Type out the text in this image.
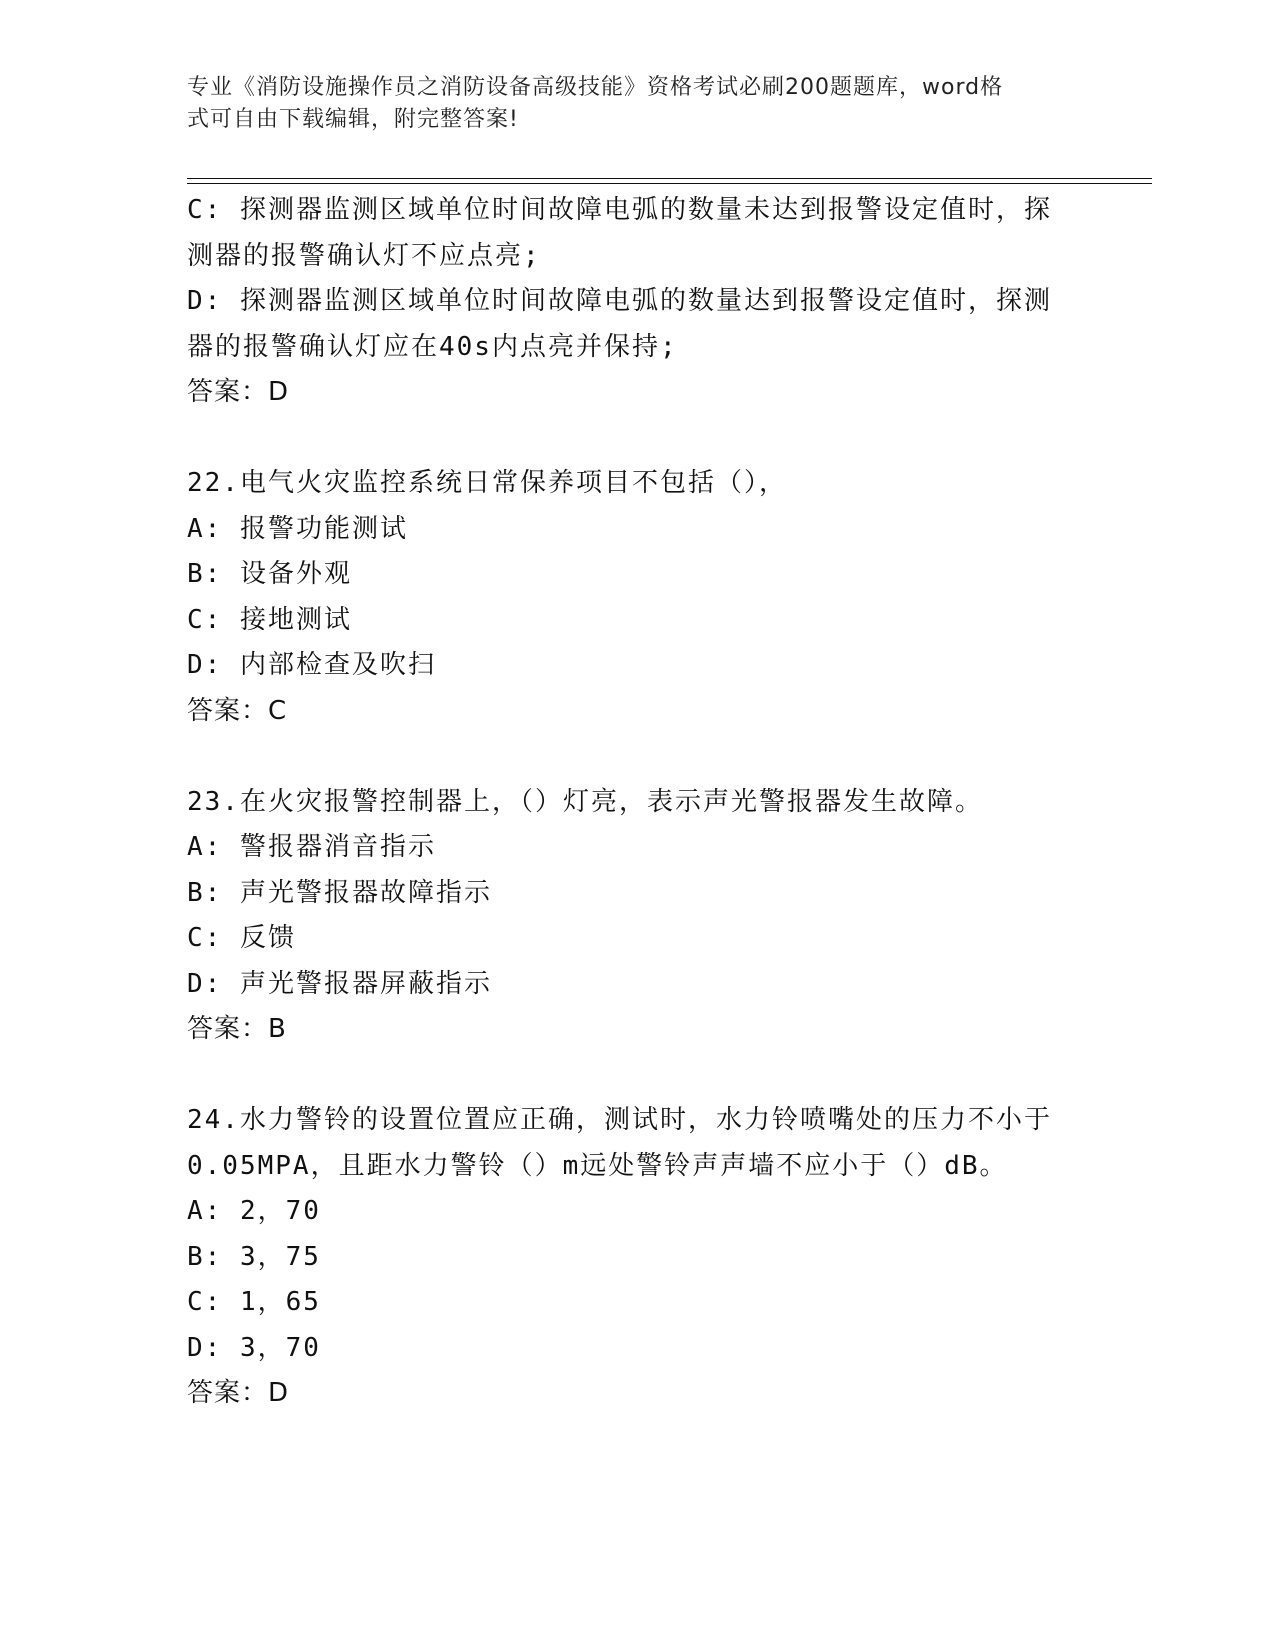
专业《消防设施操作员之消防设备高级技能》资格考试必刷200题题库，word格
式可自由下载编辑，附完整答案!
C: 探测器监测区域单位时间故障电弧的数量未达到报警设定值时，探
测器的报警确认灯不应点亮;
D: 探测器监测区域单位时间故障电弧的数量达到报警设定值时，探测
器的报警确认灯应在40s内点亮并保持;
答案：D
22.电气火灾监控系统日常保养项目不包括（），
A: 报警功能测试
B: 设备外观
C: 接地测试
D: 内部检查及吹扫
答案：C
23.在火灾报警控制器上，（）灯亮，表示声光警报器发生故障。
A: 警报器消音指示
B: 声光警报器故障指示
C: 反馈
D: 声光警报器屏蔽指示
答案：B
24.水力警铃的设置位置应正确，测试时，水力铃喷嘴处的压力不小于
0.05MPA，且距水力警铃（）m远处警铃声声墙不应小于（）dB。
A: 2，70
B: 3，75
C: 1，65
D: 3，70
答案：D
